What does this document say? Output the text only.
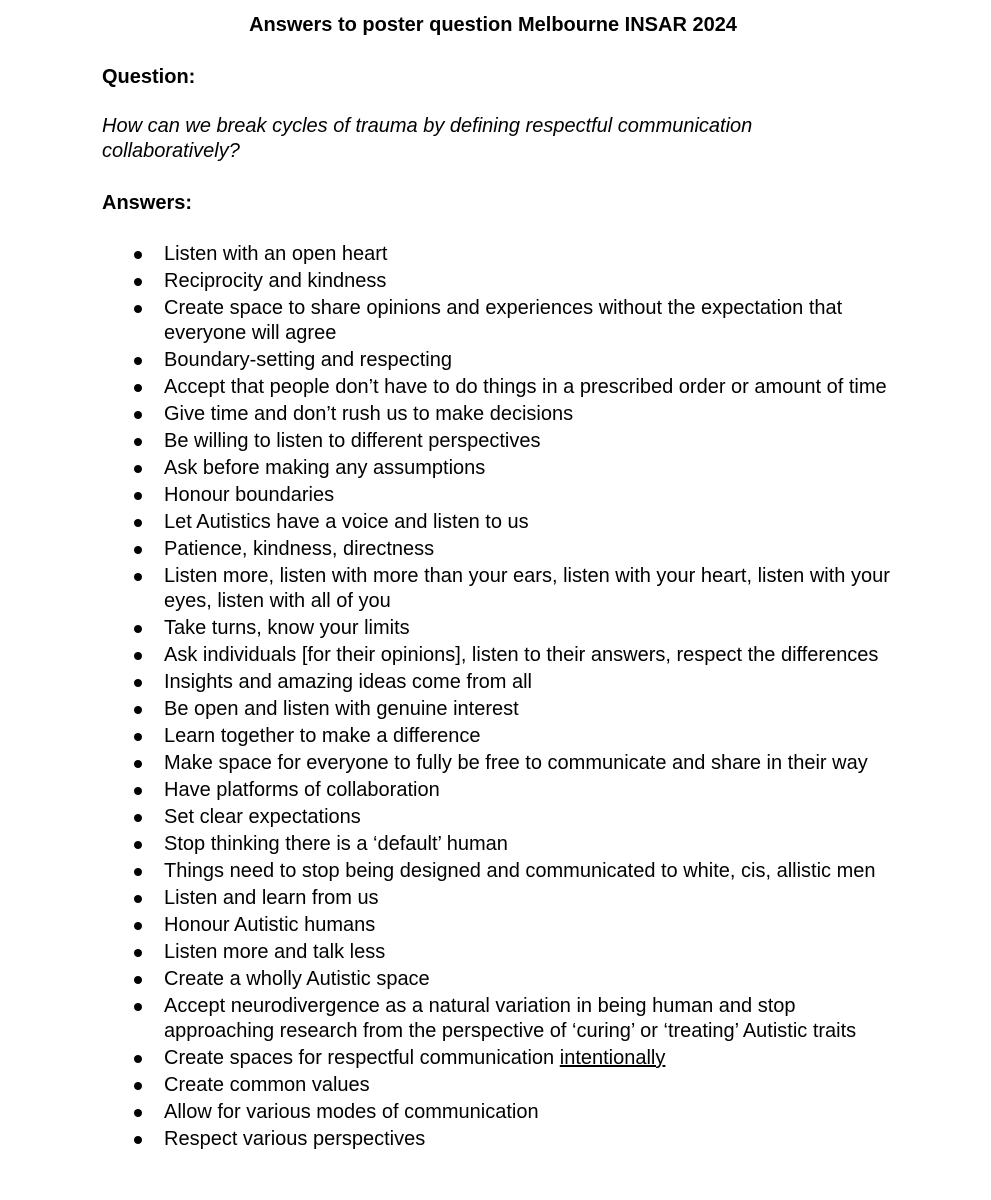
Answers to poster question Melbourne INSAR 2024
Question:

How can we break cycles of trauma by defining respectful communication collaboratively?

Answers:
Listen with an open heart
Reciprocity and kindness
Create space to share opinions and experiences without the expectation that everyone will agree
Boundary-setting and respecting
Accept that people don’t have to do things in a prescribed order or amount of time
Give time and don’t rush us to make decisions
Be willing to listen to different perspectives
Ask before making any assumptions
Honour boundaries
Let Autistics have a voice and listen to us
Patience, kindness, directness
Listen more, listen with more than your ears, listen with your heart, listen with your eyes, listen with all of you
Take turns, know your limits
Ask individuals [for their opinions], listen to their answers, respect the differences
Insights and amazing ideas come from all
Be open and listen with genuine interest
Learn together to make a difference
Make space for everyone to fully be free to communicate and share in their way
Have platforms of collaboration
Set clear expectations
Stop thinking there is a ‘default’ human
Things need to stop being designed and communicated to white, cis, allistic men
Listen and learn from us
Honour Autistic humans
Listen more and talk less
Create a wholly Autistic space
Accept neurodivergence as a natural variation in being human and stop approaching research from the perspective of ‘curing’ or ‘treating’ Autistic traits
Create spaces for respectful communication intentionally
Create common values
Allow for various modes of communication
Respect various perspectives
